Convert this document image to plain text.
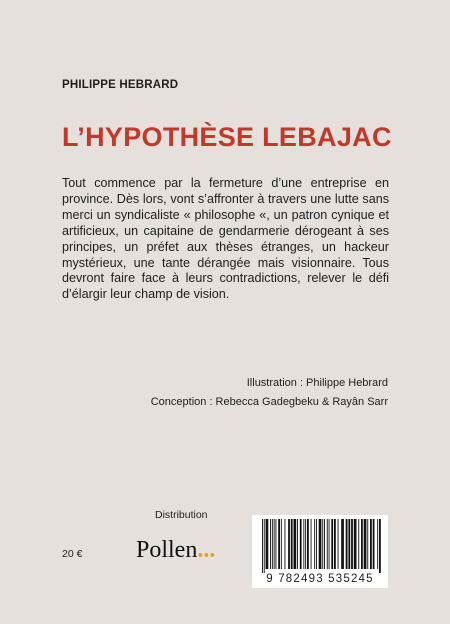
PHILIPPE HEBRARD
L’HYPOTHÈSE LEBAJAC
Tout commence par la fermeture d’une entreprise en province. Dès lors, vont s’affronter à travers une lutte sans merci un syndicaliste « philosophe «, un patron cynique et artificieux, un capitaine de gendarmerie dérogeant à ses principes, un préfet aux thèses étranges, un hackeur mystérieux, une tante dérangée mais visionnaire. Tous devront faire face à leurs contradictions, relever le défi d’élargir leur champ de vision.
Illustration : Philippe Hebrard
Conception : Rebecca Gadegbeku & Rayân Sarr
Distribution
20 € Pollen...
9 782493 535245
